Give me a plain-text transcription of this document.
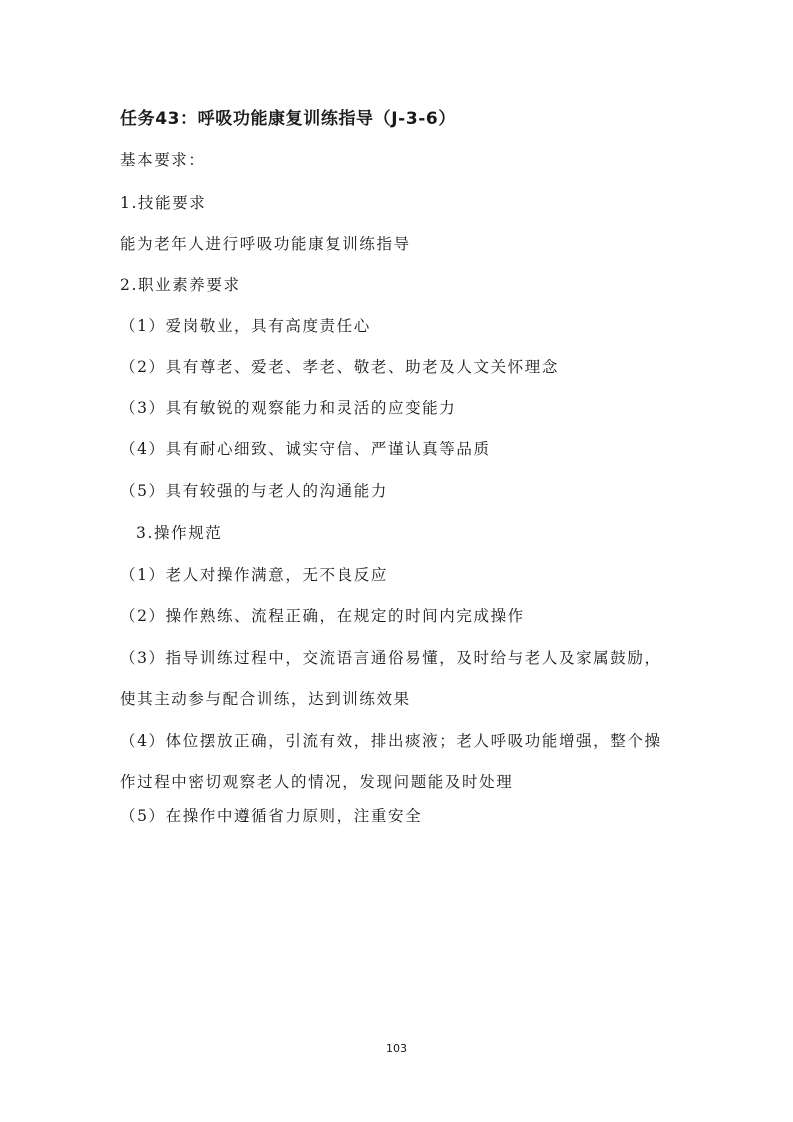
任务43：呼吸功能康复训练指导（J-3-6）

基本要求：

1.技能要求

能为老年人进行呼吸功能康复训练指导

2.职业素养要求

（1）爱岗敬业，具有高度责任心

（2）具有尊老、爱老、孝老、敬老、助老及人文关怀理念

（3）具有敏锐的观察能力和灵活的应变能力

（4）具有耐心细致、诚实守信、严谨认真等品质

（5）具有较强的与老人的沟通能力

3.操作规范

（1）老人对操作满意，无不良反应

（2）操作熟练、流程正确，在规定的时间内完成操作

（3）指导训练过程中，交流语言通俗易懂，及时给与老人及家属鼓励，

使其主动参与配合训练，达到训练效果

（4）体位摆放正确，引流有效，排出痰液；老人呼吸功能增强，整个操

作过程中密切观察老人的情况，发现问题能及时处理

（5）在操作中遵循省力原则，注重安全

103
